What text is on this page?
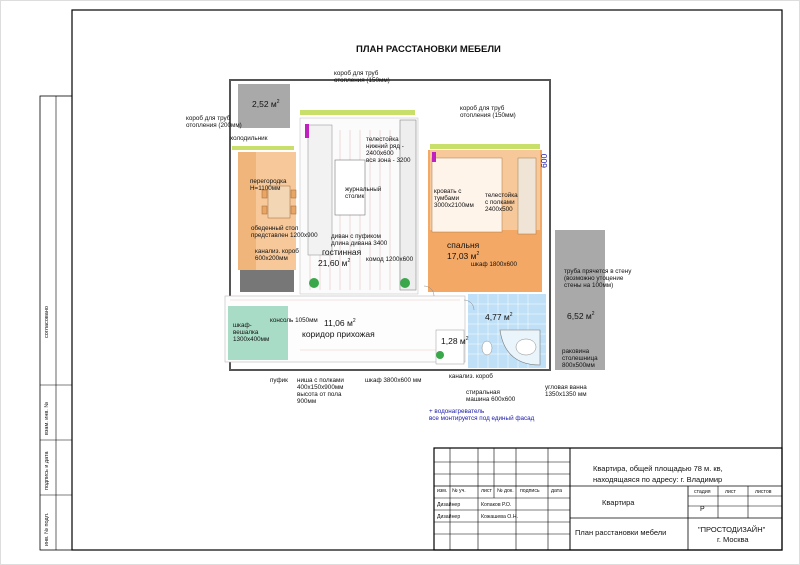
ПЛАН РАССТАНОВКИ МЕБЕЛИ
2,52 $м^2$
21,60 $м^2$
гостинная
спальня
17,03 $м^2$
11,06 $м^2$
коридор прихожая
4,77 $м^2$
1,28 $м^2$
6,52 $м^2$
600
короб для труб
отопления (150мм)
короб для труб
отопления (200мм)
холодильник
короб для труб
отопления (150мм)
телестойка
нижний ряд -
2400x600
вся зона - 3200
перегородка
Н=1100мм	журнальный
столик
кровать с
тумбами
3000x2100мм
телестойка
с полками
2400x500
обеденный стол
представлен 1200x900 диван с пуфиком
длина дивана 3400
канализ. короб
600x200мм	комод 1200x600
шкаф 1800x600
труба прячется в стену
(возможно утоцение
стены на 100мм)
консоль 1050мм
шкаф-
вешалка
1300x400мм
раковина
столешница
800x500мм
пуфик ниша с полками
400x150x900мм
высота от пола
900мм
шкаф 3800x600 мм
канализ. короб
стиральная
машина 600x600
угловая ванна
1350x1350 мм
+ водонагреватель
все монтируется под единый фасад
согласовано
взам. инв. №
подпись и дата
инв. № подл.
Квартира, общей площадью 78 м. кв,
находящаяся по адресу: г. Владимир
изм. № уч.	лист № док. подпись дата
Дизайнер	Копаков Р.О.
Дизайнер	Кожашева О.Н.
Квартира
стадия	лист	листов
Р
План расстановки мебели	"ПРОСТОДИЗАЙН"
г. Москва
